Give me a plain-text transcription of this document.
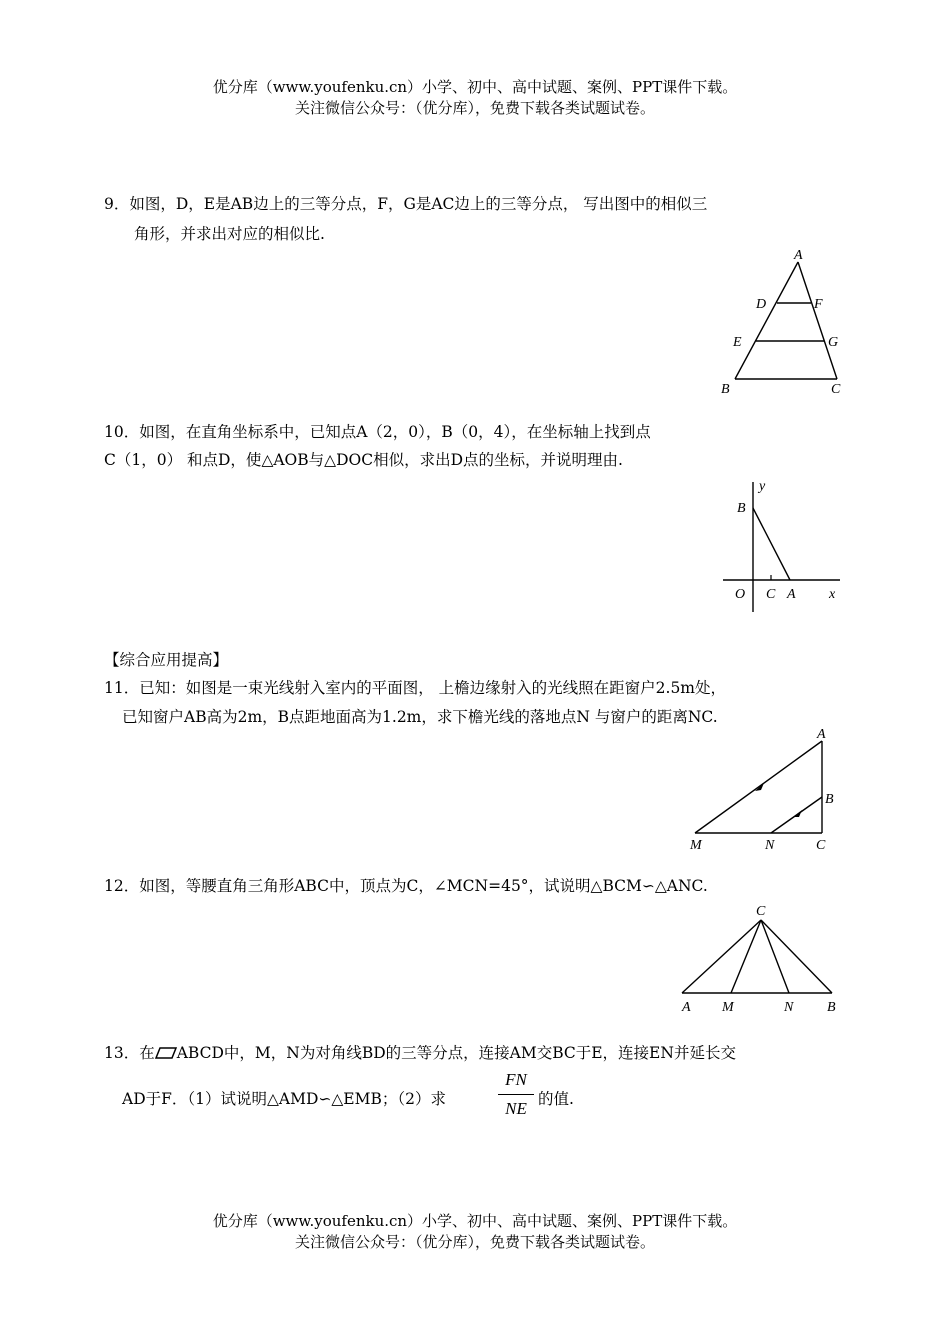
优分库（www.youfenku.cn）小学、初中、高中试题、案例、PPT课件下载。
关注微信公众号：（优分库），免费下载各类试题试卷。
9．如图，D，E是AB边上的三等分点，F，G是AC边上的三等分点， 写出图中的相似三
角形，并求出对应的相似比.
A
D	F
E	G
B	C
10．如图，在直角坐标系中，已知点A（2，0），B（0，4），在坐标轴上找到点
C（1，0） 和点D，使△AOB与△DOC相似，求出D点的坐标，并说明理由.
y
B
O C A x
【综合应用提高】
11．已知：如图是一束光线射入室内的平面图， 上檐边缘射入的光线照在距窗户2.5m处，
已知窗户AB高为2m，B点距地面高为1.2m，求下檐光线的落地点N 与窗户的距离NC.
A
B
M	N	C
12．如图，等腰直角三角形ABC中，顶点为C，∠MCN=45°，试说明△BCM∽△ANC.
C
A M	N B
13．在 ABCD中，M，N为对角线BD的三等分点，连接AM交BC于E，连接EN并延长交
AD于F．（1）试说明△AMD∽△EMB；（2）求
FN
NE 的值.
优分库（www.youfenku.cn）小学、初中、高中试题、案例、PPT课件下载。
关注微信公众号：（优分库），免费下载各类试题试卷。
